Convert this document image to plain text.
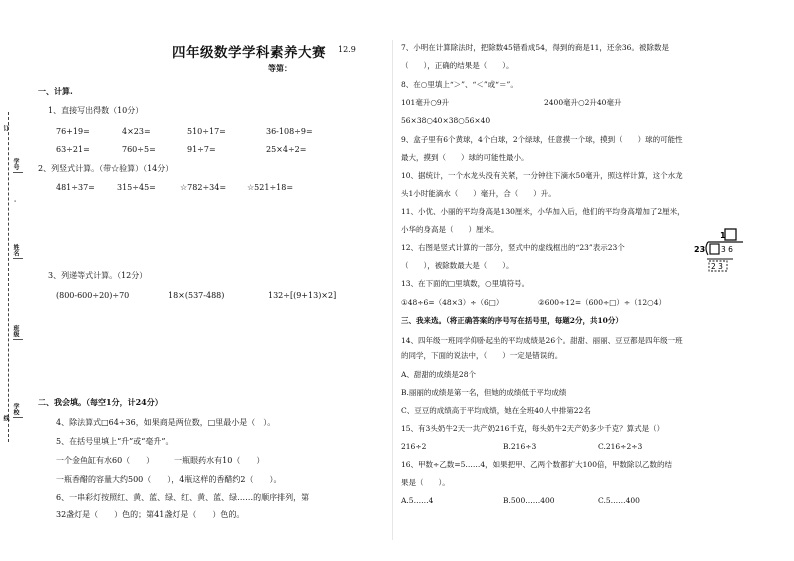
订
线
学号
·
姓名
班级
学校
四年级数学学科素养大赛 12.9
等第：
一、计算.
1、直接写出得数（10分）
76+19=	4×23=	510÷17=	36-108÷9=
63÷21=	760÷5=	91÷7=	25×4÷2=
2、列竖式计算。（带☆验算）（14分）
481÷37=	315÷45=	☆782÷34=	☆521÷18=
3、列递等式计算。（12分）
(800-600÷20)÷70	18×(537-488)	132÷[(9+13)×2]
二、我会填。（每空1分，计24分）
4、除法算式□64÷36，如果商是两位数，□里最小是（　）。
5、在括号里填上“升”或“毫升”。
一个金鱼缸有水60（　　）　　　一瓶眼药水有10（　　）
一瓶香醋的容量大约500（　　），4瓶这样的香醋约2（　　）。
6、一串彩灯按照红、黄、蓝、绿、红、黄、蓝、绿……的顺序排列，第
32盏灯是（　　）色的；第41盏灯是（　　）色的。
7、小明在计算除法时，把除数45错看成54，得到的商是11，还余36。被除数是
（　　），正确的结果是（　　）。
8、在○里填上“＞”、“＜”或“＝”。
101毫升○9升	2400毫升○2升40毫升
56×38○40×38○56×40
9、盒子里有6个黄球，4个白球，2个绿球，任意摸一个球，摸到（　　）球的可能性
最大，摸到（　　）球的可能性最小。
10、据统计，一个水龙头没有关紧，一分钟往下滴水50毫升，照这样计算，这个水龙
头1小时能滴水（　　）毫升，合（　　）升。
11、小优、小丽的平均身高是130厘米，小华加入后，他们的平均身高增加了2厘米，
小华的身高是（　　）厘米。
12、右图是竖式计算的一部分，竖式中的虚线框出的“23”表示23个
（　　），被除数最大是（　　）。
1
23 3 6
2 3
13、在下面的□里填数，○里填符号。
①48÷6=（48×3）÷（6□）	②600÷12=（600÷□）÷（12○4）
三、我来选。（将正确答案的序号写在括号里，每题2分，共10分）
14、四年级一班同学仰卧起坐的平均成绩是26个。甜甜、丽丽、豆豆都是四年级一班
的同学，下面的说法中，（　　）一定是错误的。
A、甜甜的成绩是28个
B.丽丽的成绩是第一名，但她的成绩低于平均成绩
C、豆豆的成绩高于平均成绩，她在全班40人中排第22名
15、有3头奶牛2天一共产奶216千克，每头奶牛2天产奶多少千克？算式是（）
216÷2	B.216÷3	C.216÷2÷3
16、甲数÷乙数=5……4，如果把甲、乙两个数都扩大100倍，甲数除以乙数的结
果是（　　）。
A.5……4	B.500……400	C.5……400
